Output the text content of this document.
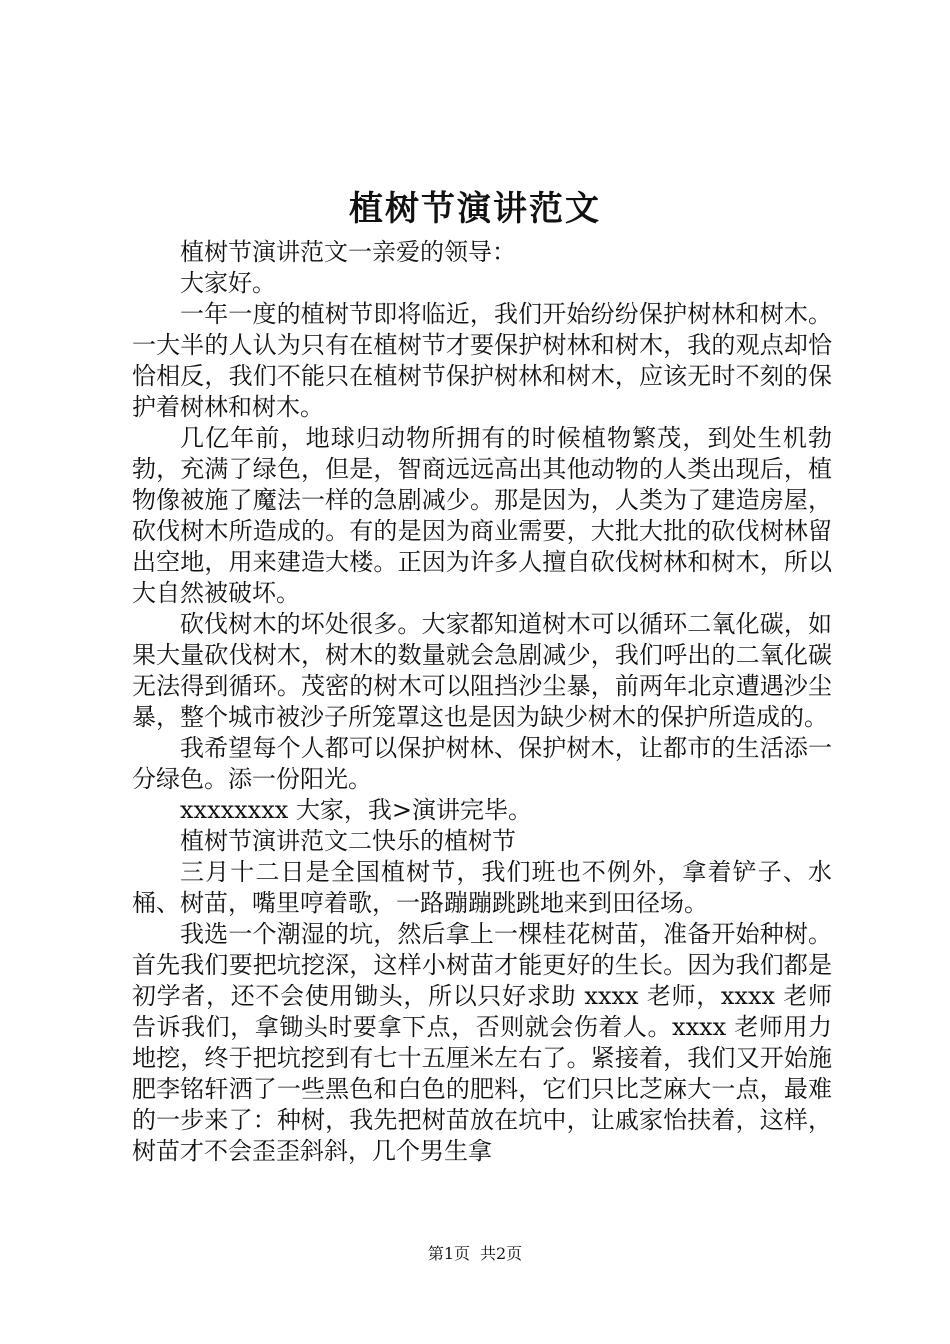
植树节演讲范文

植树节演讲范文一亲爱的领导：

大家好。

一年一度的植树节即将临近，我们开始纷纷保护树林和树木。一大半的人认为只有在植树节才要保护树林和树木，我的观点却恰恰相反，我们不能只在植树节保护树林和树木，应该无时不刻的保护着树林和树木。

几亿年前，地球归动物所拥有的时候植物繁茂，到处生机勃勃，充满了绿色，但是，智商远远高出其他动物的人类出现后，植物像被施了魔法一样的急剧减少。那是因为，人类为了建造房屋，砍伐树木所造成的。有的是因为商业需要，大批大批的砍伐树林留出空地，用来建造大楼。正因为许多人擅自砍伐树林和树木，所以大自然被破坏。

砍伐树木的坏处很多。大家都知道树木可以循环二氧化碳，如果大量砍伐树木，树木的数量就会急剧减少，我们呼出的二氧化碳无法得到循环。茂密的树木可以阻挡沙尘暴，前两年北京遭遇沙尘暴，整个城市被沙子所笼罩这也是因为缺少树木的保护所造成的。

我希望每个人都可以保护树林、保护树木，让都市的生活添一分绿色。添一份阳光。

xxxxxxxx 大家，我>演讲完毕。

植树节演讲范文二快乐的植树节

三月十二日是全国植树节，我们班也不例外，拿着铲子、水桶、树苗，嘴里哼着歌，一路蹦蹦跳跳地来到田径场。

我选一个潮湿的坑，然后拿上一棵桂花树苗，准备开始种树。首先我们要把坑挖深，这样小树苗才能更好的生长。因为我们都是初学者，还不会使用锄头，所以只好求助 xxxx 老师，xxxx 老师告诉我们，拿锄头时要拿下点，否则就会伤着人。xxxx 老师用力地挖，终于把坑挖到有七十五厘米左右了。紧接着，我们又开始施肥李铭轩洒了一些黑色和白色的肥料，它们只比芝麻大一点，最难的一步来了：种树，我先把树苗放在坑中，让戚家怡扶着，这样，树苗才不会歪歪斜斜，几个男生拿

第1页 共2页
